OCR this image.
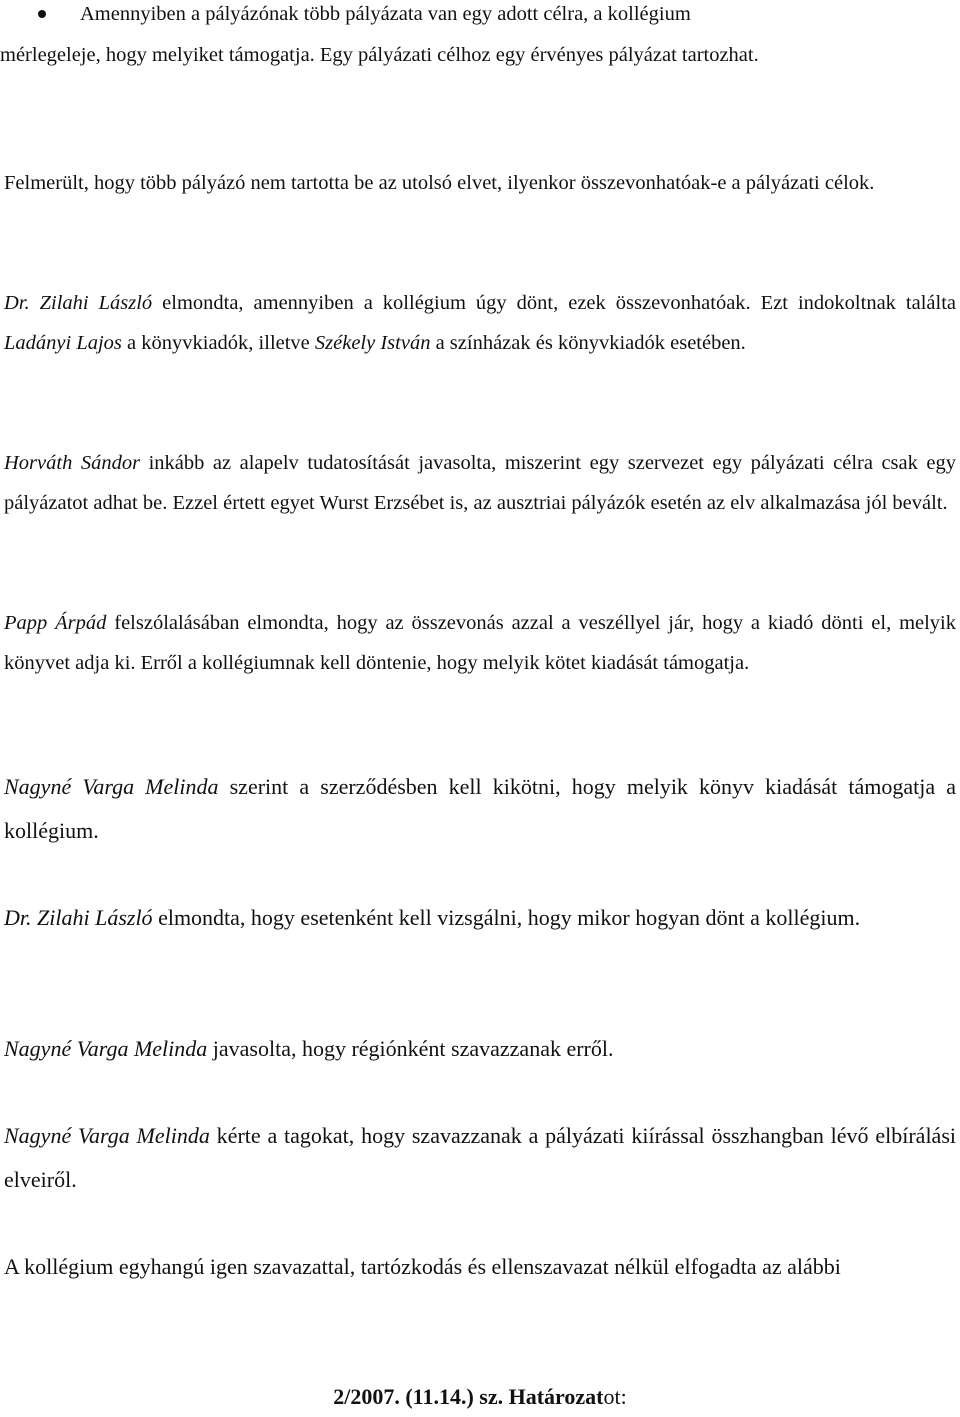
Amennyiben a pályázónak több pályázata van egy adott célra, a kollégium
mérlegeleje, hogy melyiket támogatja. Egy pályázati célhoz egy érvényes pályázat tartozhat.

Felmerült, hogy több pályázó nem tartotta be az utolsó elvet, ilyenkor összevonhatóak-e a pályázati célok.

Dr. Zilahi László elmondta, amennyiben a kollégium úgy dönt, ezek összevonhatóak. Ezt indokoltnak találta Ladányi Lajos a könyvkiadók, illetve Székely István a színházak és könyvkiadók esetében.

Horváth Sándor inkább az alapelv tudatosítását javasolta, miszerint egy szervezet egy pályázati célra csak egy pályázatot adhat be. Ezzel értett egyet Wurst Erzsébet is, az ausztriai pályázók esetén az elv alkalmazása jól bevált.

Papp Árpád felszólalásában elmondta, hogy az összevonás azzal a veszéllyel jár, hogy a kiadó dönti el, melyik könyvet adja ki. Erről a kollégiumnak kell döntenie, hogy melyik kötet kiadását támogatja.

Nagyné Varga Melinda szerint a szerződésben kell kikötni, hogy melyik könyv kiadását támogatja a kollégium.

Dr. Zilahi László elmondta, hogy esetenként kell vizsgálni, hogy mikor hogyan dönt a kollégium.

Nagyné Varga Melinda javasolta, hogy régiónként szavazzanak erről.

Nagyné Varga Melinda kérte a tagokat, hogy szavazzanak a pályázati kiírással összhangban lévő elbírálási elveiről.

A kollégium egyhangú igen szavazattal, tartózkodás és ellenszavazat nélkül elfogadta az alábbi

2/2007. (11.14.) sz. Határozatot:
